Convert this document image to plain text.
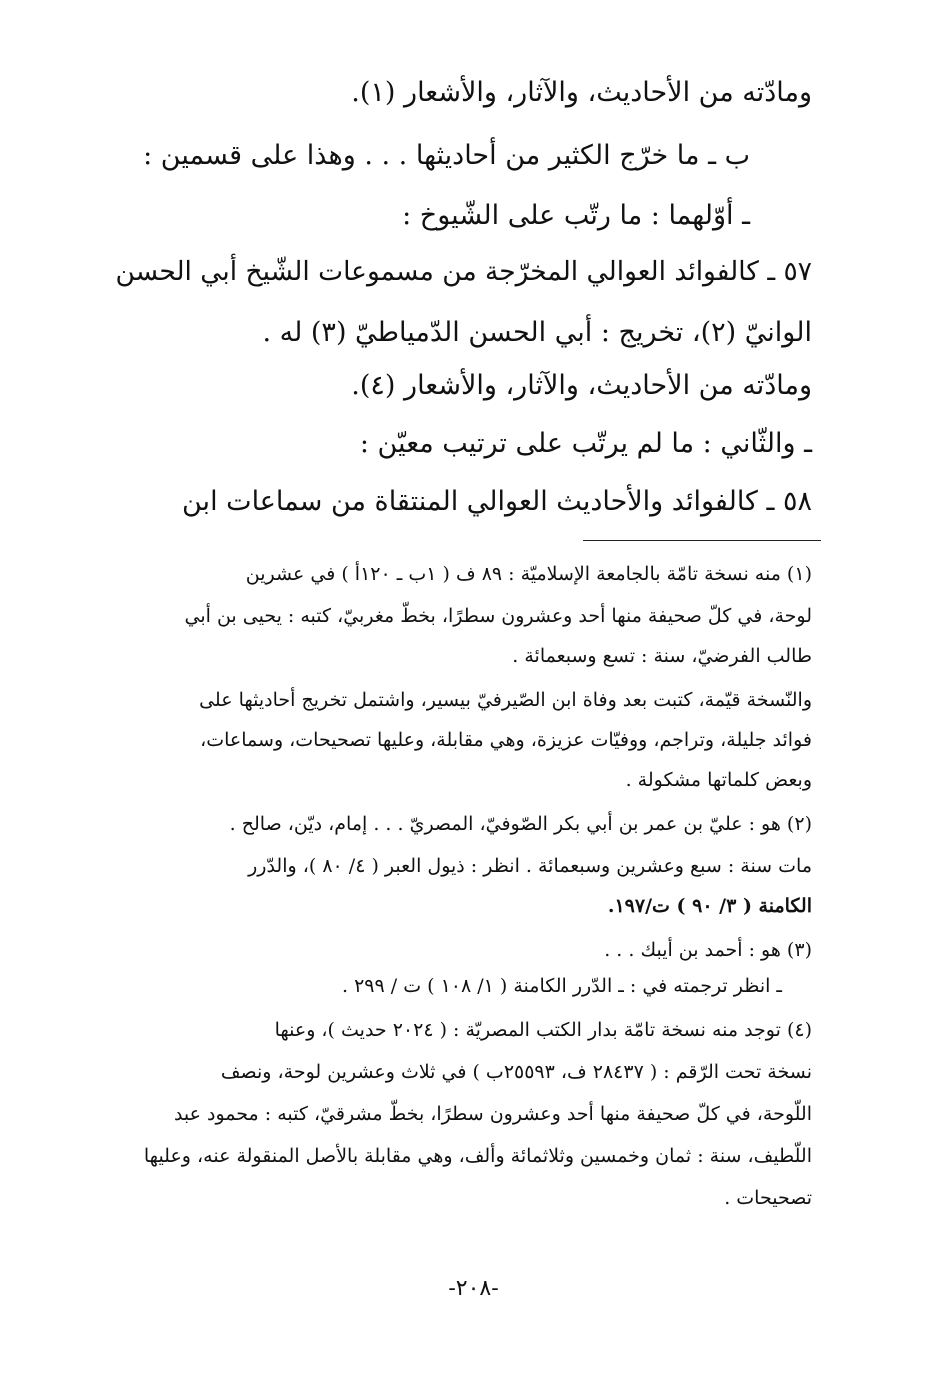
ومادّته من الأحاديث، والآثار، والأشعار (١).
ب ـ ما خرّج الكثير من أحاديثها . . . وهذا على قسمين :
ـ أوّلهما : ما رتّب على الشّيوخ :
٥٧ ـ كالفوائد العوالي المخرّجة من مسموعات الشّيخ أبي الحسن
الوانيّ (٢)، تخريج : أبي الحسن الدّمياطيّ (٣) له .
ومادّته من الأحاديث، والآثار، والأشعار (٤).
ـ والثّاني : ما لم يرتّب على ترتيب معيّن :
٥٨ ـ كالفوائد والأحاديث العوالي المنتقاة من سماعات ابن
(١) منه نسخة تامّة بالجامعة الإسلاميّة : ٨٩ ف ( ١ب ـ ١٢٠أ ) في عشرين
لوحة، في كلّ صحيفة منها أحد وعشرون سطرًا، بخطّ مغربيّ، كتبه : يحيى بن أبي
طالب الفرضيّ، سنة : تسع وسبعمائة .
والنّسخة قيّمة، كتبت بعد وفاة ابن الصّيرفيّ بيسير، واشتمل تخريج أحاديثها على
فوائد جليلة، وتراجم، ووفيّات عزيزة، وهي مقابلة، وعليها تصحيحات، وسماعات،
وبعض كلماتها مشكولة .
(٢) هو : عليّ بن عمر بن أبي بكر الصّوفيّ، المصريّ . . . إمام، ديّن، صالح .
مات سنة : سبع وعشرين وسبعمائة . انظر : ذيول العبر ( ٤/ ٨٠ )، والدّرر
الكامنة ( ٣/ ٩٠ ) ت/١٩٧.
(٣) هو : أحمد بن أيبك . . .
ـ انظر ترجمته في : ـ الدّرر الكامنة ( ١/ ١٠٨ ) ت / ٢٩٩ .
(٤) توجد منه نسخة تامّة بدار الكتب المصريّة : ( ٢٠٢٤ حديث )، وعنها
نسخة تحت الرّقم : ( ٢٨٤٣٧ ف، ٢٥٥٩٣ب ) في ثلاث وعشرين لوحة، ونصف
اللّوحة، في كلّ صحيفة منها أحد وعشرون سطرًا، بخطّ مشرقيّ، كتبه : محمود عبد
اللّطيف، سنة : ثمان وخمسين وثلاثمائة وألف، وهي مقابلة بالأصل المنقولة عنه، وعليها
تصحيحات .
-٢٠٨-
